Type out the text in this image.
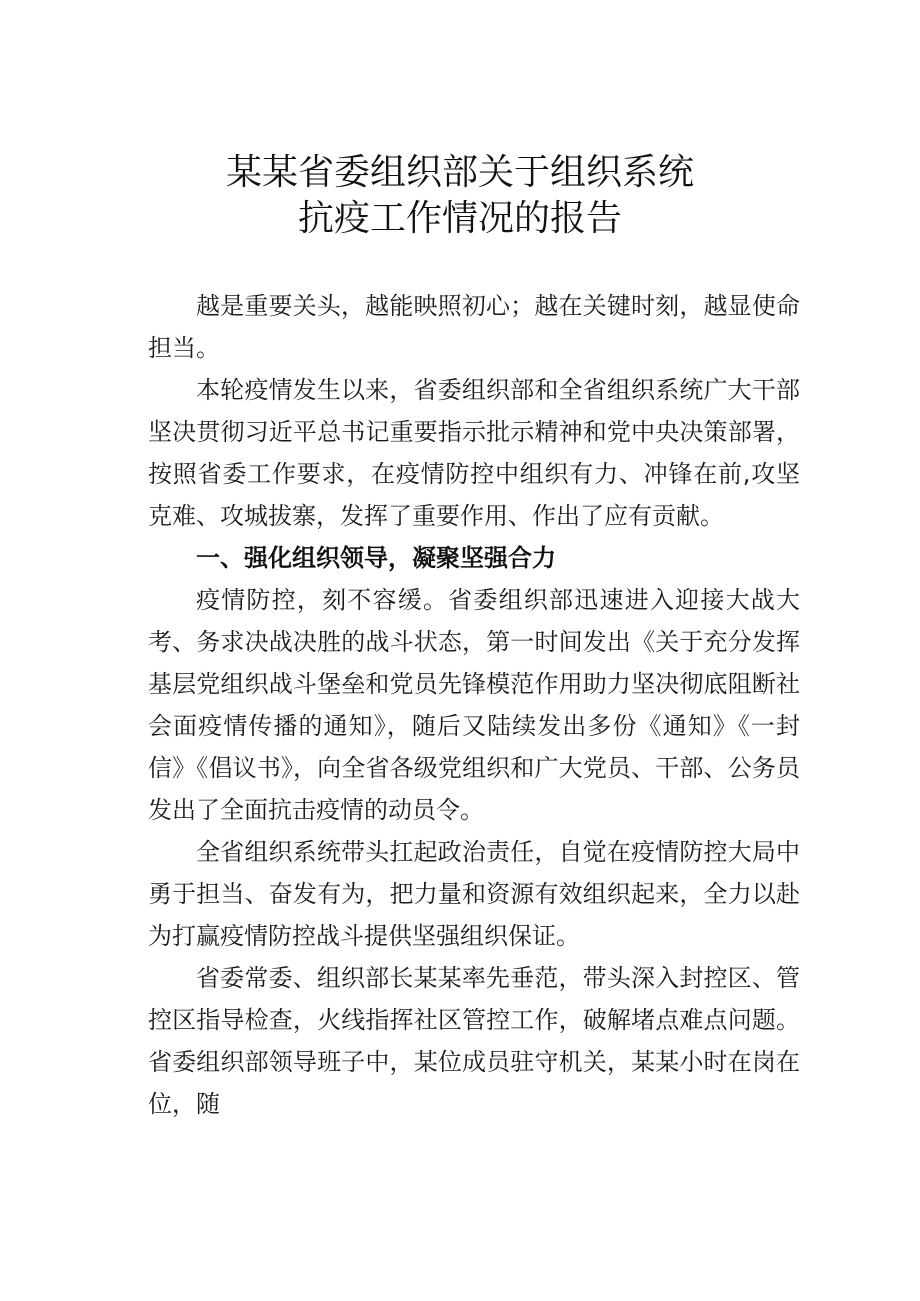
某某省委组织部关于组织系统
抗疫工作情况的报告

越是重要关头，越能映照初心；越在关键时刻，越显使命担当。

本轮疫情发生以来，省委组织部和全省组织系统广大干部坚决贯彻习近平总书记重要指示批示精神和党中央决策部署，按照省委工作要求，在疫情防控中组织有力、冲锋在前,攻坚克难、攻城拔寨，发挥了重要作用、作出了应有贡献。

一、强化组织领导，凝聚坚强合力

疫情防控，刻不容缓。省委组织部迅速进入迎接大战大考、务求决战决胜的战斗状态，第一时间发出《关于充分发挥基层党组织战斗堡垒和党员先锋模范作用助力坚决彻底阻断社会面疫情传播的通知》，随后又陆续发出多份《通知》《一封信》《倡议书》，向全省各级党组织和广大党员、干部、公务员发出了全面抗击疫情的动员令。

全省组织系统带头扛起政治责任，自觉在疫情防控大局中勇于担当、奋发有为，把力量和资源有效组织起来，全力以赴为打赢疫情防控战斗提供坚强组织保证。

省委常委、组织部长某某率先垂范，带头深入封控区、管控区指导检查，火线指挥社区管控工作，破解堵点难点问题。省委组织部领导班子中，某位成员驻守机关，某某小时在岗在位，随
